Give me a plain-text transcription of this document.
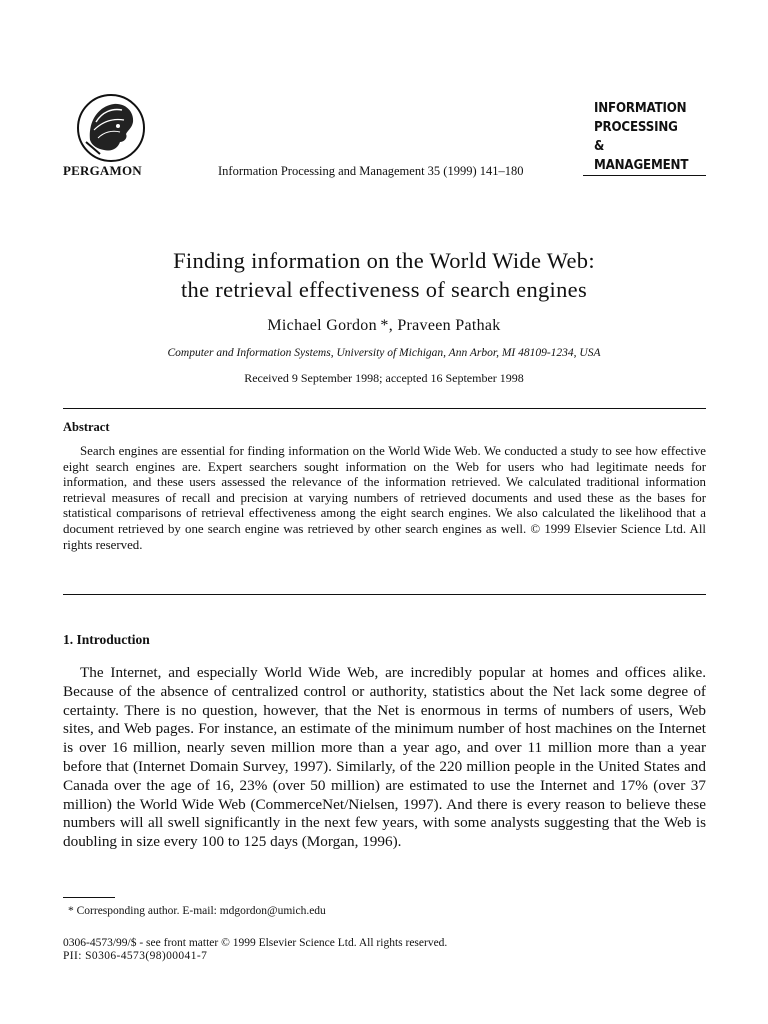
PERGAMON	Information Processing and Management 35 (1999) 141–180
INFORMATION
PROCESSING
&
MANAGEMENT
Finding information on the World Wide Web:
the retrieval effectiveness of search engines
Michael Gordon *, Praveen Pathak
Computer and Information Systems, University of Michigan, Ann Arbor, MI 48109-1234, USA
Received 9 September 1998; accepted 16 September 1998
Abstract
Search engines are essential for finding information on the World Wide Web. We conducted a study to see how effective eight search engines are. Expert searchers sought information on the Web for users who had legitimate needs for information, and these users assessed the relevance of the information retrieved. We calculated traditional information retrieval measures of recall and precision at varying numbers of retrieved documents and used these as the bases for statistical comparisons of retrieval effectiveness among the eight search engines. We also calculated the likelihood that a document retrieved by one search engine was retrieved by other search engines as well. © 1999 Elsevier Science Ltd. All rights reserved.
1. Introduction
The Internet, and especially World Wide Web, are incredibly popular at homes and offices alike. Because of the absence of centralized control or authority, statistics about the Net lack some degree of certainty. There is no question, however, that the Net is enormous in terms of numbers of users, Web sites, and Web pages. For instance, an estimate of the minimum number of host machines on the Internet is over 16 million, nearly seven million more than a year ago, and over 11 million more than a year before that (Internet Domain Survey, 1997). Similarly, of the 220 million people in the United States and Canada over the age of 16, 23% (over 50 million) are estimated to use the Internet and 17% (over 37 million) the World Wide Web (CommerceNet/Nielsen, 1997). And there is every reason to believe these numbers will all swell significantly in the next few years, with some analysts suggesting that the Web is doubling in size every 100 to 125 days (Morgan, 1996).
* Corresponding author. E-mail: mdgordon@umich.edu
0306-4573/99/$ - see front matter © 1999 Elsevier Science Ltd. All rights reserved.
PII: S0306-4573(98)00041-7
